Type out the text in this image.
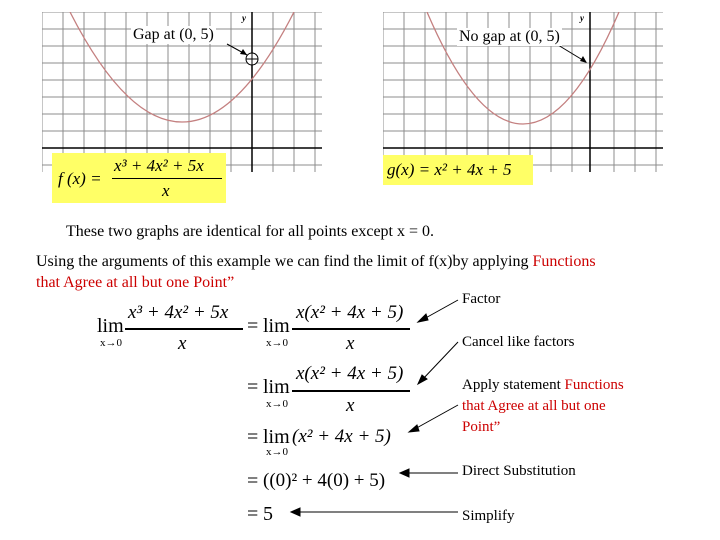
y
Gap at (0, 5)
f (x) =
x³ + 4x² + 5x
x
y
No gap at (0, 5)
g(x) = x² + 4x + 5
These two graphs are identical for all points except x = 0.
Using the arguments of this example we can find the limit of f(x)by applying Functions
that Agree at all but one Point”
lim
x→0
x³ + 4x² + 5x
x
= lim
x→0
x(x² + 4x + 5)
x
= lim
x→0
x(x² + 4x + 5)
x
= lim
x→0
(x² + 4x + 5)
= ((0)² + 4(0) + 5)
= 5
Factor
Cancel like factors
Apply statement Functions
that Agree at all but one
Point”
Direct Substitution
Simplify
